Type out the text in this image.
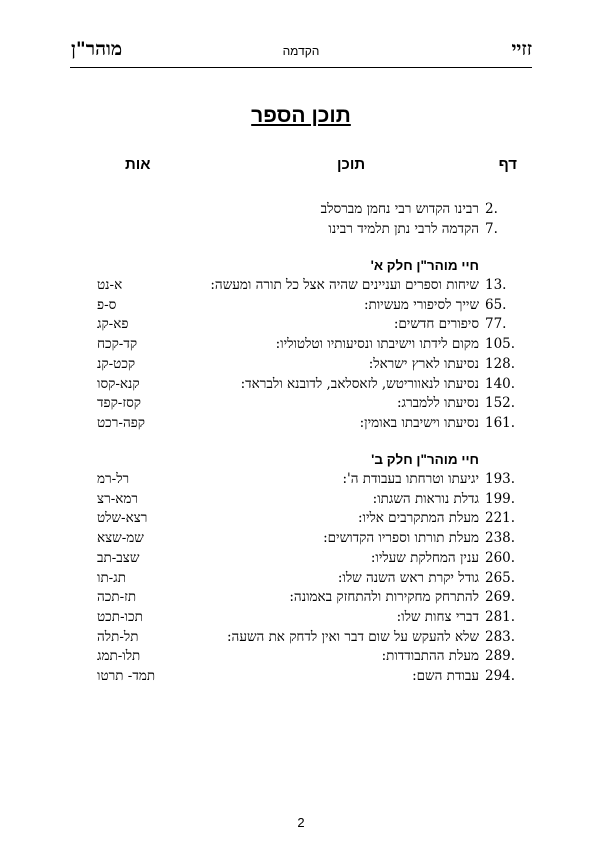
מוהר"ן	הקדמה	זזיי
תוכן הספר
דף
תוכן
אות
2.
רבינו הקדוש רבי נחמן מברסלב
7.
הקדמה לרבי נתן תלמיד רבינו
חיי מוהר"ן חלק א'
13.
שיחות וספרים ועניינים שהיה אצל כל תורה ומעשה:
א-נט
65.
שייך לסיפורי מעשיות:
ס-פ
77.
סיפורים חדשים:
פא-קג
105.
מקום לידתו וישיבתו ונסיעותיו וטלטוליו:
קד-קכח
128.
נסיעתו לארץ ישראל:
קכט-קנ
140.
נסיעתו לנאווריטש, לזאסלאב, לדובנא ולבראד:
קנא-קסו
152.
נסיעתו ללמברג:
קסז-קפד
161.
נסיעתו וישיבתו באומין:
קפה-רכט
חיי מוהר"ן חלק ב'
193.
יגיעתו וטרחתו בעבודת ה':
רל-רמ
199.
גדלת נוראות השגתו:
רמא-רצ
221.
מעלת המתקרבים אליו:
רצא-שלט
238.
מעלת תורתו וספריו הקדושים:
שמ-שצא
260.
ענין המחלקת שעליו:
שצב-תב
265.
גודל יקרת ראש השנה שלו:
תג-תו
269.
להתרחק מחקירות ולהתחזק באמונה:
תז-תכה
281.
דברי צחות שלו:
תכו-תכט
283.
שלא להעקש על שום דבר ואין לדחק את השעה:
תל-תלה
289.
מעלת ההתבודדות:
תלו-תמג
294.
עבודת השם:
תמד- תרטו
2
